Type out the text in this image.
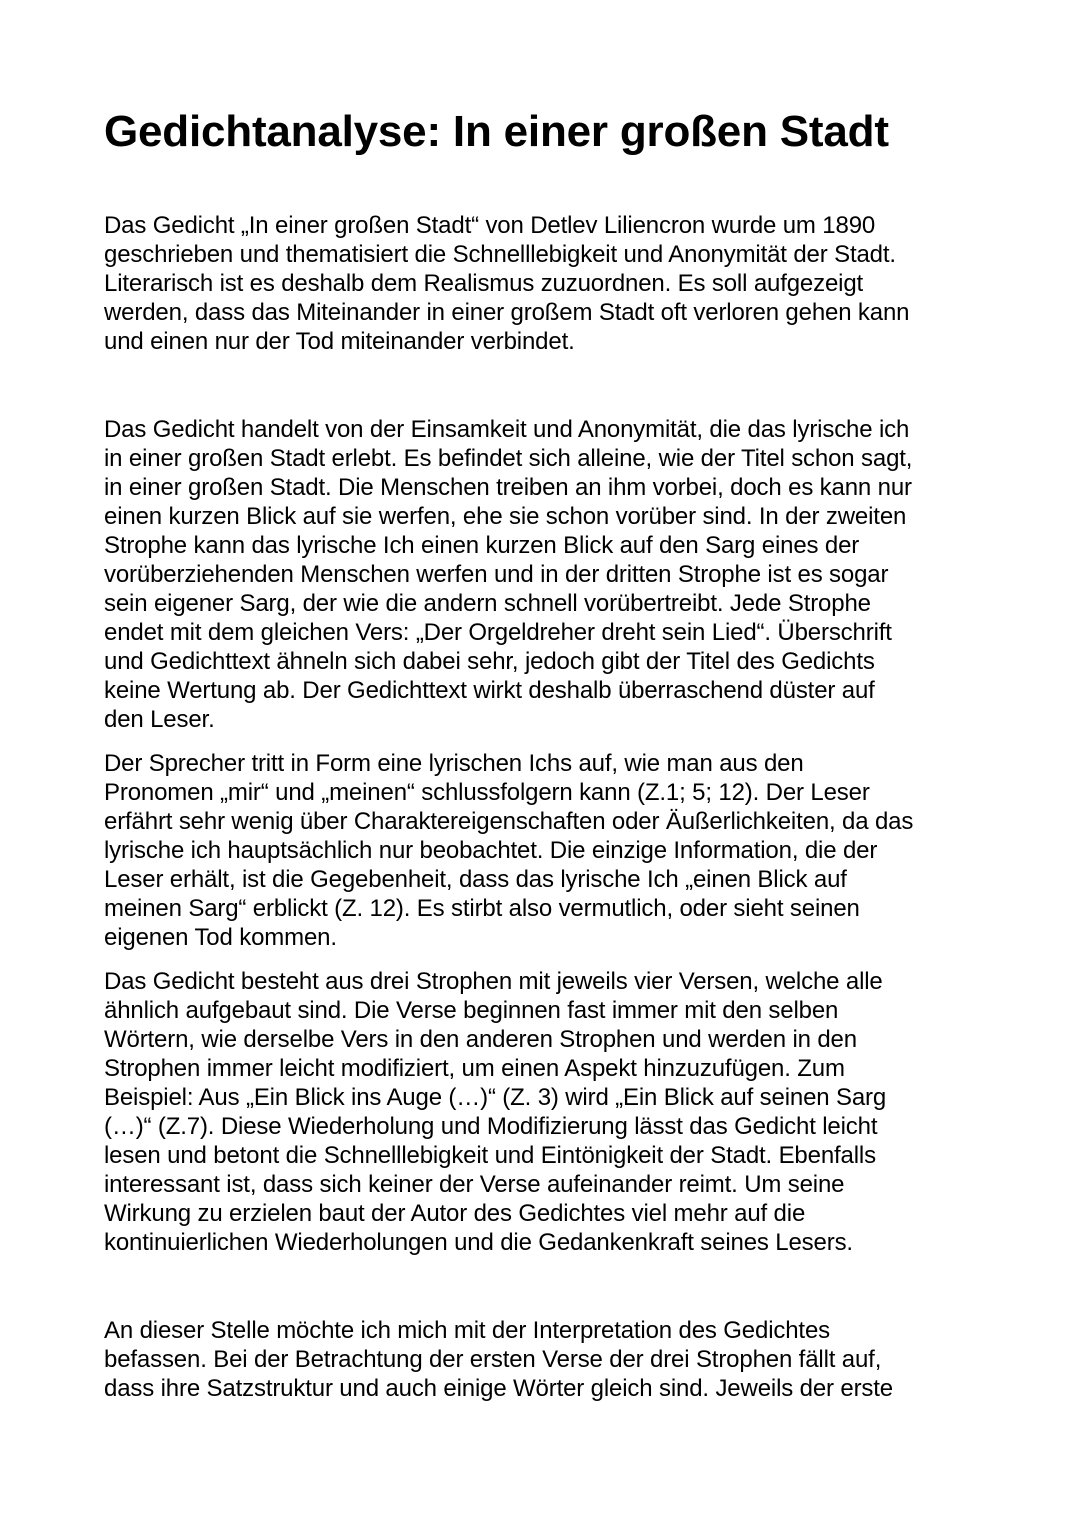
Gedichtanalyse: In einer großen Stadt

Das Gedicht „In einer großen Stadt“ von Detlev Liliencron wurde um 1890
geschrieben und thematisiert die Schnelllebigkeit und Anonymität der Stadt.
Literarisch ist es deshalb dem Realismus zuzuordnen. Es soll aufgezeigt
werden, dass das Miteinander in einer großem Stadt oft verloren gehen kann
und einen nur der Tod miteinander verbindet.

Das Gedicht handelt von der Einsamkeit und Anonymität, die das lyrische ich
in einer großen Stadt erlebt. Es befindet sich alleine, wie der Titel schon sagt,
in einer großen Stadt. Die Menschen treiben an ihm vorbei, doch es kann nur
einen kurzen Blick auf sie werfen, ehe sie schon vorüber sind. In der zweiten
Strophe kann das lyrische Ich einen kurzen Blick auf den Sarg eines der
vorüberziehenden Menschen werfen und in der dritten Strophe ist es sogar
sein eigener Sarg, der wie die andern schnell vorübertreibt. Jede Strophe
endet mit dem gleichen Vers: „Der Orgeldreher dreht sein Lied“. Überschrift
und Gedichttext ähneln sich dabei sehr, jedoch gibt der Titel des Gedichts
keine Wertung ab. Der Gedichttext wirkt deshalb überraschend düster auf
den Leser.

Der Sprecher tritt in Form eine lyrischen Ichs auf, wie man aus den
Pronomen „mir“ und „meinen“ schlussfolgern kann (Z.1; 5; 12). Der Leser
erfährt sehr wenig über Charaktereigenschaften oder Äußerlichkeiten, da das
lyrische ich hauptsächlich nur beobachtet. Die einzige Information, die der
Leser erhält, ist die Gegebenheit, dass das lyrische Ich „einen Blick auf
meinen Sarg“ erblickt (Z. 12). Es stirbt also vermutlich, oder sieht seinen
eigenen Tod kommen.

Das Gedicht besteht aus drei Strophen mit jeweils vier Versen, welche alle
ähnlich aufgebaut sind. Die Verse beginnen fast immer mit den selben
Wörtern, wie derselbe Vers in den anderen Strophen und werden in den
Strophen immer leicht modifiziert, um einen Aspekt hinzuzufügen. Zum
Beispiel: Aus „Ein Blick ins Auge (…)“ (Z. 3) wird „Ein Blick auf seinen Sarg
(…)“ (Z.7). Diese Wiederholung und Modifizierung lässt das Gedicht leicht
lesen und betont die Schnelllebigkeit und Eintönigkeit der Stadt. Ebenfalls
interessant ist, dass sich keiner der Verse aufeinander reimt. Um seine
Wirkung zu erzielen baut der Autor des Gedichtes viel mehr auf die
kontinuierlichen Wiederholungen und die Gedankenkraft seines Lesers.

An dieser Stelle möchte ich mich mit der Interpretation des Gedichtes
befassen. Bei der Betrachtung der ersten Verse der drei Strophen fällt auf,
dass ihre Satzstruktur und auch einige Wörter gleich sind. Jeweils der erste
